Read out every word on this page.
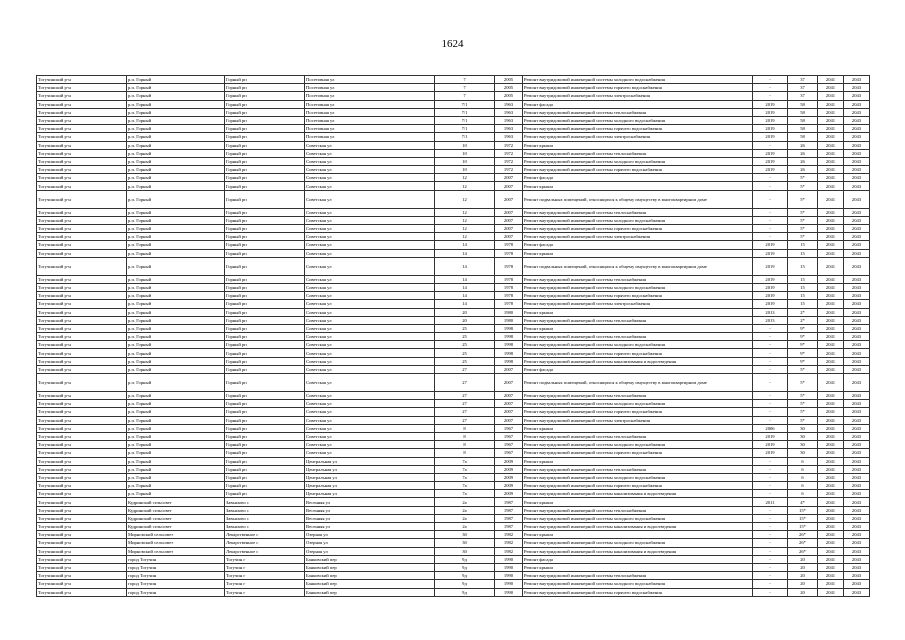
1624
Тогучинский р-н	р.п. Горный	Горный рп	Посетовная ул	7	2005	Ремонт внутридомовой инженерной системы холодного водоснабжения	-	37	2041	2043
Тогучинский р-н	р.п. Горный	Горный рп	Посетовная ул	7	2005	Ремонт внутридомовой инженерной системы горячего водоснабжения	-	37	2041	2043
Тогучинский р-н	р.п. Горный	Горный рп	Посетовная ул	7	2005	Ремонт внутридомовой инженерной системы электроснабжения	-	37	2041	2043
Тогучинский р-н	р.п. Горный	Горный рп	Посетовная ул	7/1	1963	Ремонт фасада	2019	58	2041	2043
Тогучинский р-н	р.п. Горный	Горный рп	Посетовная ул	7/1	1963	Ремонт внутридомовой инженерной системы теплоснабжения	2019	58	2041	2043
Тогучинский р-н	р.п. Горный	Горный рп	Посетовная ул	7/1	1963	Ремонт внутридомовой инженерной системы холодного водоснабжения	2019	58	2041	2043
Тогучинский р-н	р.п. Горный	Горный рп	Посетовная ул	7/1	1963	Ремонт внутридомовой инженерной системы горячего водоснабжения	2019	58	2041	2043
Тогучинский р-н	р.п. Горный	Горный рп	Посетовная ул	7/1	1963	Ремонт внутридомовой инженерной системы электроснабжения	2019	58	2041	2043
Тогучинский р-н	р.п. Горный	Горный рп	Советская ул	10	1972	Ремонт крыши	-	26	2041	2043
Тогучинский р-н	р.п. Горный	Горный рп	Советская ул	10	1972	Ремонт внутридомовой инженерной системы теплоснабжения	2019	26	2041	2043
Тогучинский р-н	р.п. Горный	Горный рп	Советская ул	10	1972	Ремонт внутридомовой инженерной системы холодного водоснабжения	2019	26	2041	2043
Тогучинский р-н	р.п. Горный	Горный рп	Советская ул	10	1972	Ремонт внутридомовой инженерной системы горячего водоснабжения	2019	26	2041	2043
Тогучинский р-н	р.п. Горный	Горный рп	Советская ул	12	2007	Ремонт фасада	-	5*	2041	2043
Тогучинский р-н	р.п. Горный	Горный рп	Советская ул	12	2007	Ремонт крыши	-	5*	2041	2043
Тогучинский р-н	р.п. Горный	Горный рп	Советская ул	12	2007	Ремонт подвальных помещений, относящихся к общему имуществу в многоквартирном доме	-	5*	2041	2043
Тогучинский р-н	р.п. Горный	Горный рп	Советская ул	12	2007	Ремонт внутридомовой инженерной системы теплоснабжения	-	5*	2041	2043
Тогучинский р-н	р.п. Горный	Горный рп	Советская ул	12	2007	Ремонт внутридомовой инженерной системы холодного водоснабжения	-	5*	2041	2043
Тогучинский р-н	р.п. Горный	Горный рп	Советская ул	12	2007	Ремонт внутридомовой инженерной системы горячего водоснабжения	-	5*	2041	2043
Тогучинский р-н	р.п. Горный	Горный рп	Советская ул	12	2007	Ремонт внутридомовой инженерной системы электроснабжения	-	5*	2041	2043
Тогучинский р-н	р.п. Горный	Горный рп	Советская ул	14	1978	Ремонт фасада	2019	15	2041	2043
Тогучинский р-н	р.п. Горный	Горный рп	Советская ул	14	1978	Ремонт крыши	2019	15	2041	2043
Тогучинский р-н	р.п. Горный	Горный рп	Советская ул	14	1978	Ремонт подвальных помещений, относящихся к общему имуществу в многоквартирном доме	2019	15	2041	2043
Тогучинский р-н	р.п. Горный	Горный рп	Советская ул	14	1978	Ремонт внутридомовой инженерной системы теплоснабжения	2019	15	2041	2043
Тогучинский р-н	р.п. Горный	Горный рп	Советская ул	14	1978	Ремонт внутридомовой инженерной системы холодного водоснабжения	2019	15	2041	2043
Тогучинский р-н	р.п. Горный	Горный рп	Советская ул	14	1978	Ремонт внутридомовой инженерной системы горячего водоснабжения	2019	15	2041	2043
Тогучинский р-н	р.п. Горный	Горный рп	Советская ул	14	1978	Ремонт внутридомовой инженерной системы электроснабжения	2019	15	2041	2043
Тогучинский р-н	р.п. Горный	Горный рп	Советская ул	20	1980	Ремонт крыши	2013	2*	2041	2043
Тогучинский р-н	р.п. Горный	Горный рп	Советская ул	20	1980	Ремонт внутридомовой инженерной системы теплоснабжения	2013	2*	2041	2043
Тогучинский р-н	р.п. Горный	Горный рп	Советская ул	25	1998	Ремонт крыши	-	9*	2041	2043
Тогучинский р-н	р.п. Горный	Горный рп	Советская ул	25	1998	Ремонт внутридомовой инженерной системы теплоснабжения	-	9*	2041	2043
Тогучинский р-н	р.п. Горный	Горный рп	Советская ул	25	1998	Ремонт внутридомовой инженерной системы холодного водоснабжения	-	9*	2041	2043
Тогучинский р-н	р.п. Горный	Горный рп	Советская ул	25	1998	Ремонт внутридомовой инженерной системы горячего водоснабжения	-	9*	2041	2043
Тогучинский р-н	р.п. Горный	Горный рп	Советская ул	25	1998	Ремонт внутридомовой инженерной системы канализования и водоотведения	-	9*	2041	2043
Тогучинский р-н	р.п. Горный	Горный рп	Советская ул	27	2007	Ремонт фасада	-	5*	2041	2043
Тогучинский р-н	р.п. Горный	Горный рп	Советская ул	27	2007	Ремонт подвальных помещений, относящихся к общему имуществу в многоквартирном доме	-	5*	2041	2043
Тогучинский р-н	р.п. Горный	Горный рп	Советская ул	27	2007	Ремонт внутридомовой инженерной системы теплоснабжения	-	5*	2041	2043
Тогучинский р-н	р.п. Горный	Горный рп	Советская ул	27	2007	Ремонт внутридомовой инженерной системы холодного водоснабжения	-	5*	2041	2043
Тогучинский р-н	р.п. Горный	Горный рп	Советская ул	27	2007	Ремонт внутридомовой инженерной системы горячего водоснабжения	-	5*	2041	2043
Тогучинский р-н	р.п. Горный	Горный рп	Советская ул	27	2007	Ремонт внутридомовой инженерной системы электроснабжения	-	5*	2041	2043
Тогучинский р-н	р.п. Горный	Горный рп	Советская ул	8	1967	Ремонт крыши	2006	30	2041	2043
Тогучинский р-н	р.п. Горный	Горный рп	Советская ул	8	1967	Ремонт внутридомовой инженерной системы теплоснабжения	2019	30	2041	2043
Тогучинский р-н	р.п. Горный	Горный рп	Советская ул	8	1967	Ремонт внутридомовой инженерной системы холодного водоснабжения	2019	30	2041	2043
Тогучинский р-н	р.п. Горный	Горный рп	Советская ул	8	1967	Ремонт внутридомовой инженерной системы горячего водоснабжения	2019	30	2041	2043
Тогучинский р-н	р.п. Горный	Горный рп	Центральная ул	7а	2009	Ремонт крыши	-	6	2041	2043
Тогучинский р-н	р.п. Горный	Горный рп	Центральная ул	7а	2009	Ремонт внутридомовой инженерной системы теплоснабжения	-	6	2041	2043
Тогучинский р-н	р.п. Горный	Горный рп	Центральная ул	7а	2009	Ремонт внутридомовой инженерной системы холодного водоснабжения	-	6	2041	2043
Тогучинский р-н	р.п. Горный	Горный рп	Центральная ул	7а	2009	Ремонт внутридомовой инженерной системы горячего водоснабжения	-	6	2041	2043
Тогучинский р-н	р.п. Горный	Горный рп	Центральная ул	7а	2009	Ремонт внутридомовой инженерной системы канализования и водоотведения	-	6	2041	2043
Тогучинский р-н	Кудринский сельсовет	Завьялово с	Весенняя ул	2а	1987	Ремонт крыши	2011	4*	2041	2043
Тогучинский р-н	Кудринский сельсовет	Завьялово с	Весенняя ул	2а	1987	Ремонт внутридомовой инженерной системы теплоснабжения	-	15*	2041	2043
Тогучинский р-н	Кудринский сельсовет	Завьялово с	Весенняя ул	2а	1987	Ремонт внутридомовой инженерной системы холодного водоснабжения	-	15*	2041	2043
Тогучинский р-н	Кудринский сельсовет	Завьялово с	Весенняя ул	2а	1987	Ремонт внутридомовой инженерной системы канализования и водоотведения	-	15*	2041	2043
Тогучинский р-н	Мирновский сельсовет	Лекарственное с	Озерная ул	30	1982	Ремонт крыши	-	26*	2041	2043
Тогучинский р-н	Мирновский сельсовет	Лекарственное с	Озерная ул	30	1982	Ремонт внутридомовой инженерной системы холодного водоснабжения	-	26*	2041	2043
Тогучинский р-н	Мирновский сельсовет	Лекарственное с	Озерная ул	30	1982	Ремонт внутридомовой инженерной системы канализования и водоотведения	-	26*	2041	2043
Тогучинский р-н	город Тогучин	Тогучин г	Банковский пер	9д	1990	Ремонт фасада	-	20	2041	2043
Тогучинский р-н	город Тогучин	Тогучин г	Банковский пер	9д	1990	Ремонт крыши	-	20	2041	2043
Тогучинский р-н	город Тогучин	Тогучин г	Банковский пер	9д	1990	Ремонт внутридомовой инженерной системы теплоснабжения	-	20	2041	2043
Тогучинский р-н	город Тогучин	Тогучин г	Банковский пер	9д	1990	Ремонт внутридомовой инженерной системы холодного водоснабжения	-	20	2041	2043
Тогучинский р-н	город Тогучин	Тогучин г	Банковский пер	9д	1990	Ремонт внутридомовой инженерной системы горячего водоснабжения	-	20	2041	2043
